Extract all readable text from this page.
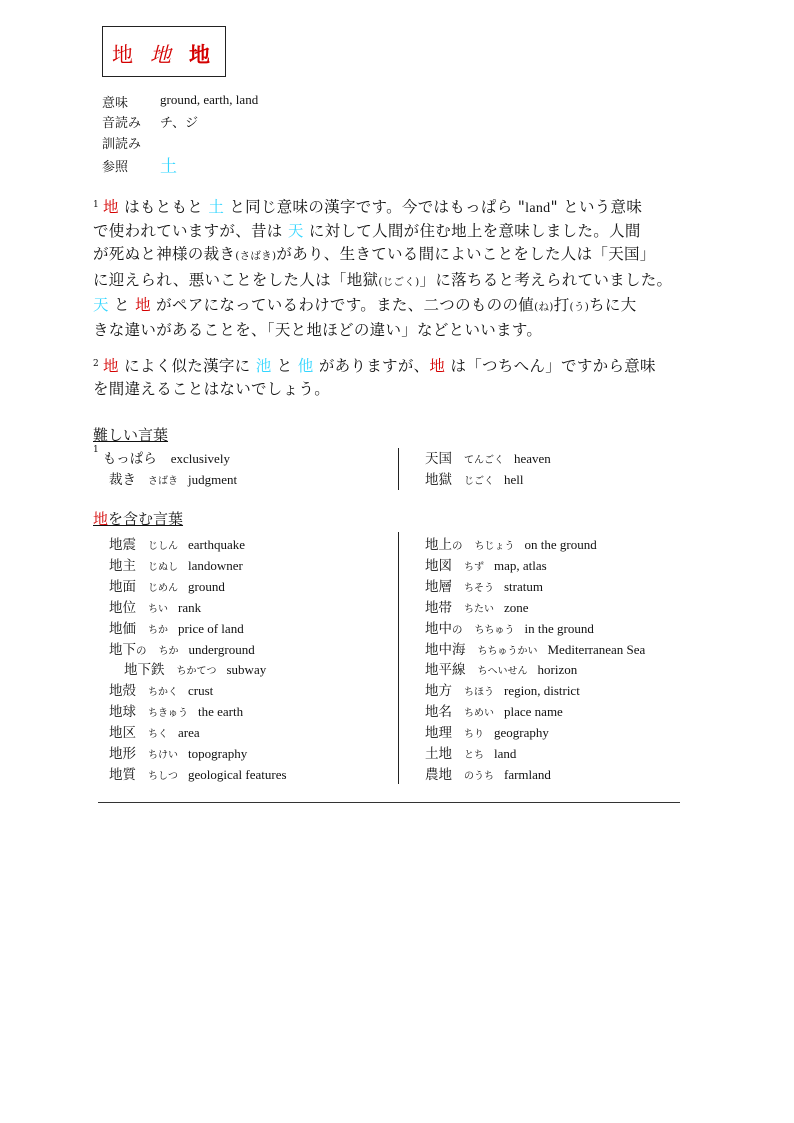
地 地 地
意味 ground, earth, land
音読み チ、ジ
訓読み
参照 土
$^1$ 地 はもともと 土 と同じ意味の漢字です。今ではもっぱら "land" という意味
で使われていますが、昔は 天 に対して人間が住む地上を意味しました。人間
が死ぬと神様の裁き(さばき)があり、生きている間によいことをした人は「天国」
に迎えられ、悪いことをした人は「地獄(じごく)」に落ちると考えられていました。
天 と 地 がペアになっているわけです。また、二つのものの値(ね)打(う)ちに大
きな違いがあることを、「天と地ほどの違い」などといいます。
$^2$ 地 によく似た漢字に 池 と 他 がありますが、地 は「つちへん」ですから意味
を間違えることはないでしょう。
難しい言葉
$^1$もっぱら exclusively
裁き さばき judgment
天国 てんごく heaven
地獄 じごく hell
地を含む言葉
地震 じしん earthquake
地主 じぬし landowner
地面 じめん ground
地位 ちい rank
地価 ちか price of land
地下の ちか underground
地下鉄 ちかてつ subway
地殻 ちかく crust
地球 ちきゅう the earth
地区 ちく area
地形 ちけい topography
地質 ちしつ geological features
地上の ちじょう on the ground
地図 ちず map, atlas
地層 ちそう stratum
地帯 ちたい zone
地中の ちちゅう in the ground
地中海 ちちゅうかい Mediterranean Sea
地平線 ちへいせん horizon
地方 ちほう region, district
地名 ちめい place name
地理 ちり geography
土地 とち land
農地 のうち farmland
